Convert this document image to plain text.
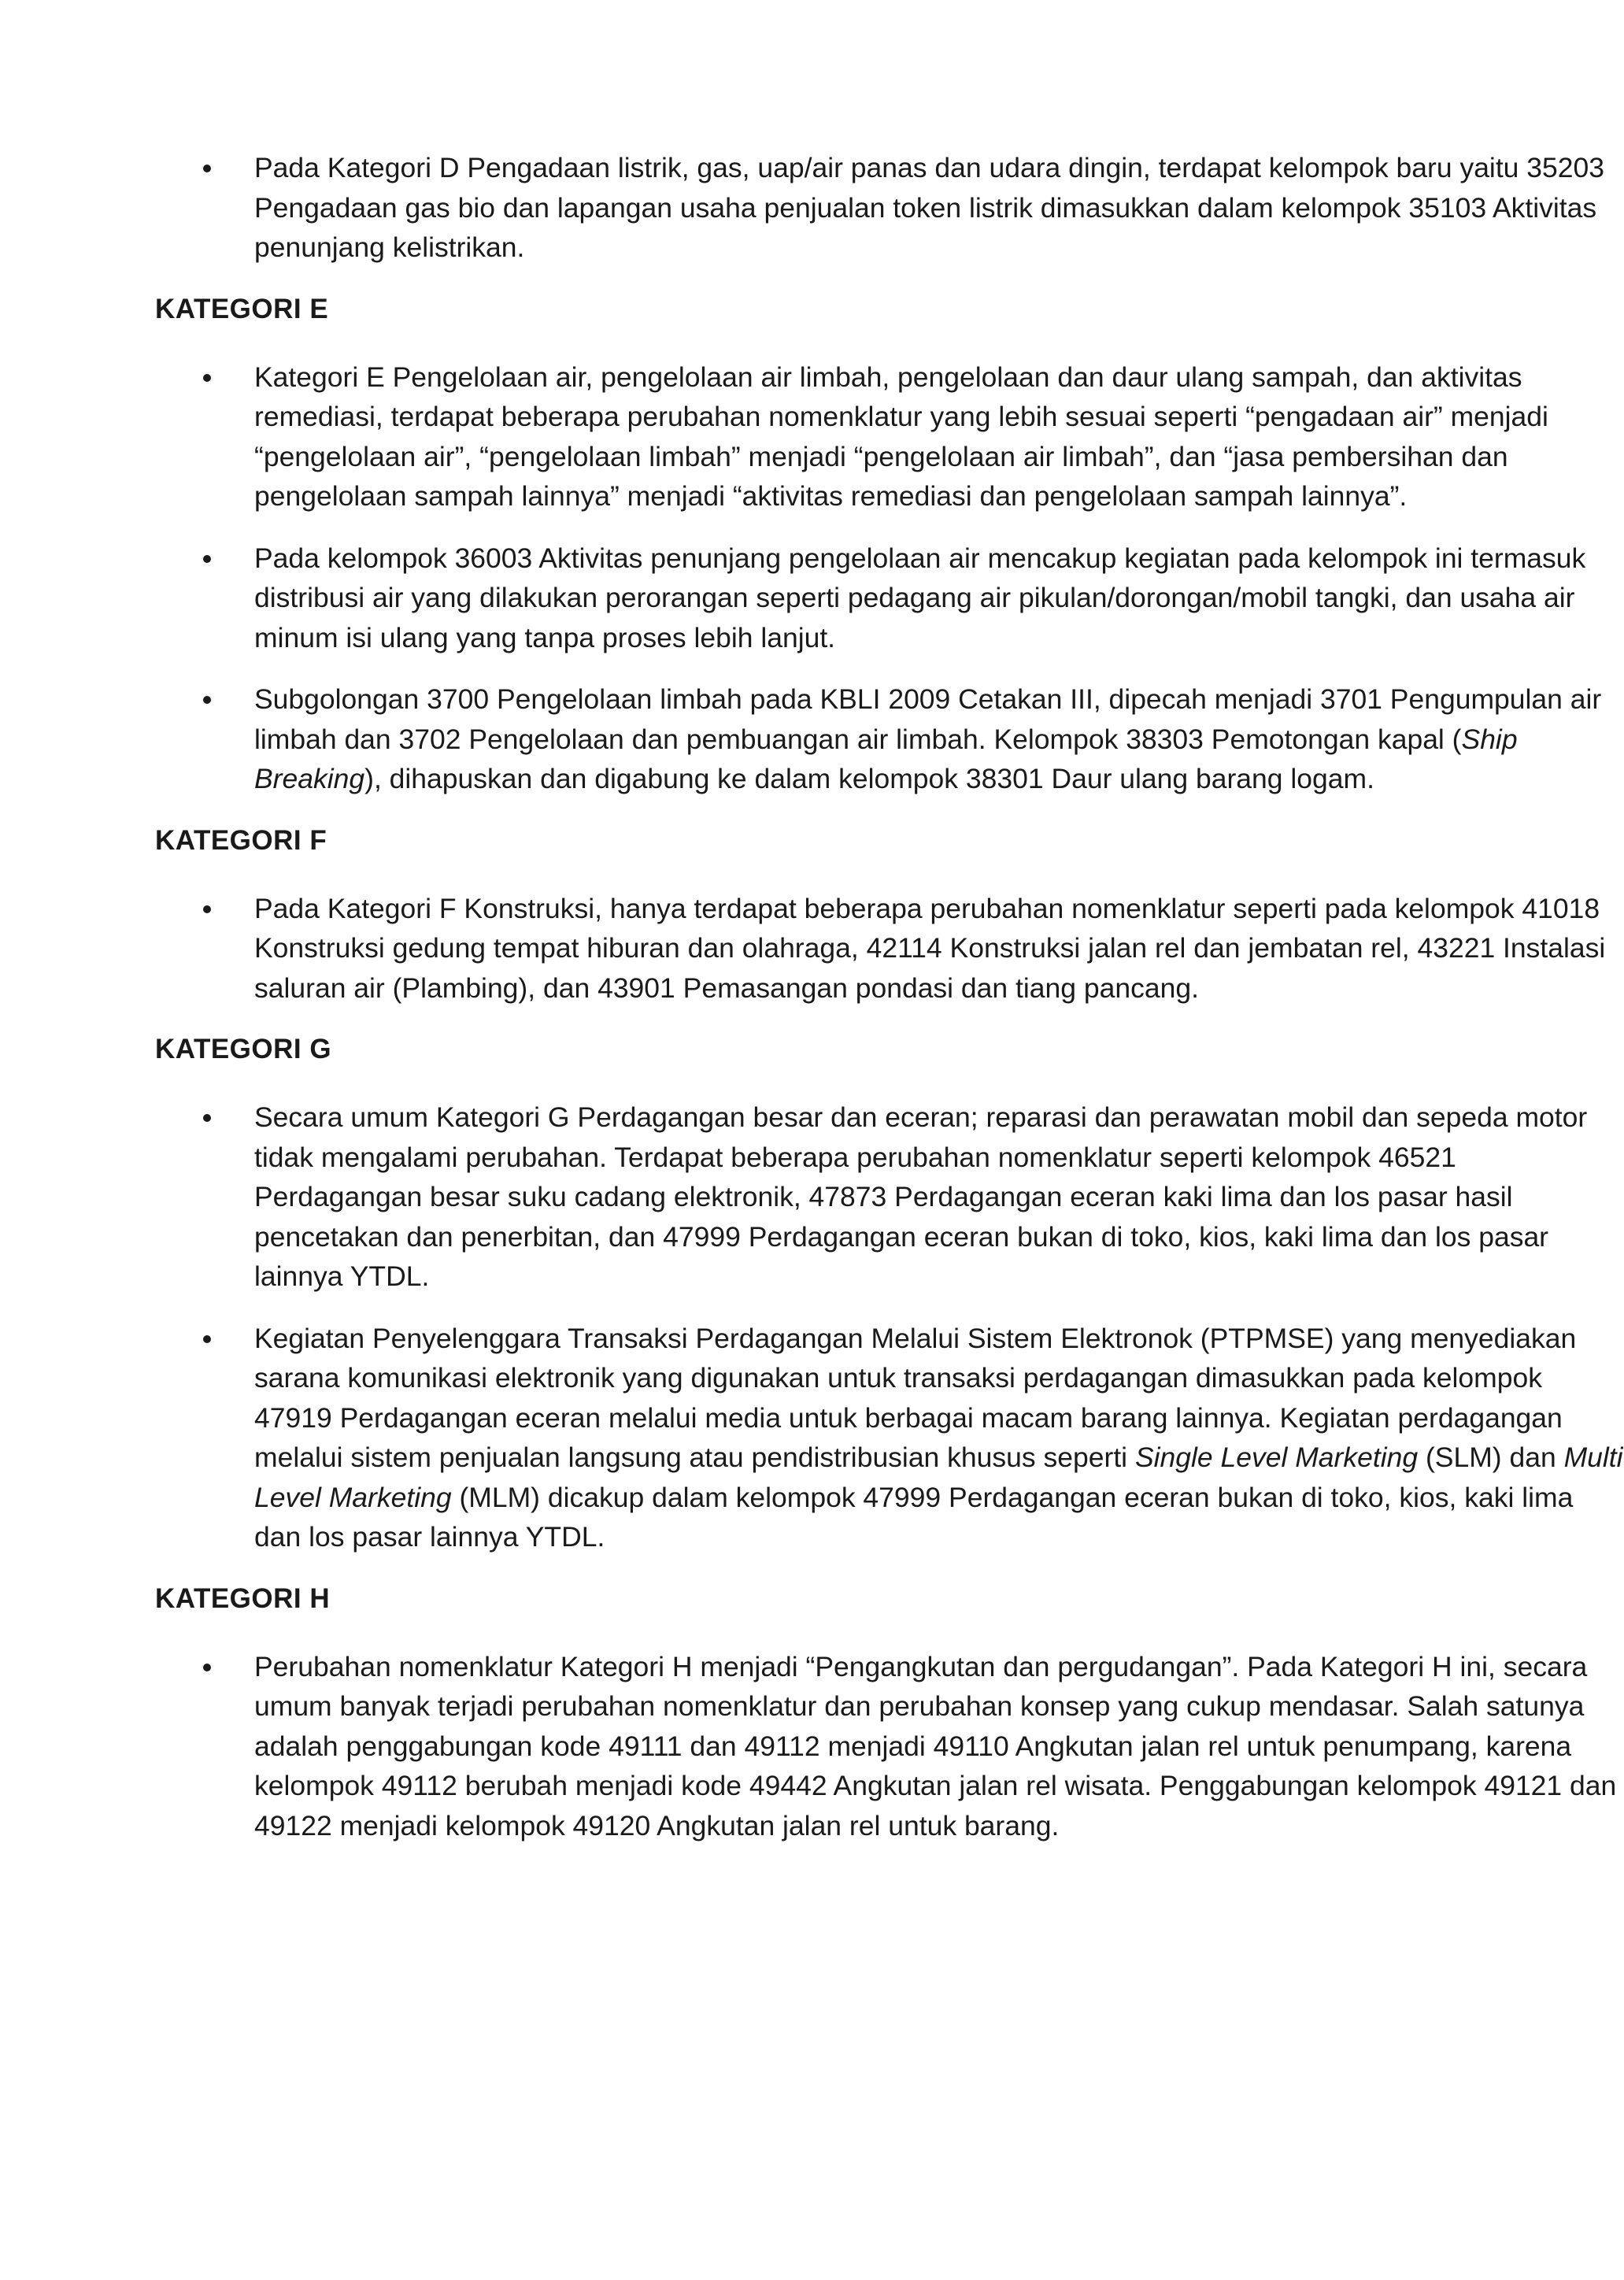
Pada Kategori D Pengadaan listrik, gas, uap/air panas dan udara dingin, terdapat kelompok baru yaitu 35203 Pengadaan gas bio dan lapangan usaha penjualan token listrik dimasukkan dalam kelompok 35103 Aktivitas penunjang kelistrikan.
KATEGORI E
Kategori E Pengelolaan air, pengelolaan air limbah, pengelolaan dan daur ulang sampah, dan aktivitas remediasi, terdapat beberapa perubahan nomenklatur yang lebih sesuai seperti “pengadaan air” menjadi “pengelolaan air”, “pengelolaan limbah” menjadi “pengelolaan air limbah”, dan “jasa pembersihan dan pengelolaan sampah lainnya” menjadi “aktivitas remediasi dan pengelolaan sampah lainnya”.
Pada kelompok 36003 Aktivitas penunjang pengelolaan air mencakup kegiatan pada kelompok ini termasuk distribusi air yang dilakukan perorangan seperti pedagang air pikulan/dorongan/mobil tangki, dan usaha air minum isi ulang yang tanpa proses lebih lanjut.
Subgolongan 3700 Pengelolaan limbah pada KBLI 2009 Cetakan III, dipecah menjadi 3701 Pengumpulan air limbah dan 3702 Pengelolaan dan pembuangan air limbah. Kelompok 38303 Pemotongan kapal (Ship Breaking), dihapuskan dan digabung ke dalam kelompok 38301 Daur ulang barang logam.
KATEGORI F
Pada Kategori F Konstruksi, hanya terdapat beberapa perubahan nomenklatur seperti pada kelompok 41018 Konstruksi gedung tempat hiburan dan olahraga, 42114 Konstruksi jalan rel dan jembatan rel, 43221 Instalasi saluran air (Plambing), dan 43901 Pemasangan pondasi dan tiang pancang.
KATEGORI G
Secara umum Kategori G Perdagangan besar dan eceran; reparasi dan perawatan mobil dan sepeda motor tidak mengalami perubahan. Terdapat beberapa perubahan nomenklatur seperti kelompok 46521 Perdagangan besar suku cadang elektronik, 47873 Perdagangan eceran kaki lima dan los pasar hasil pencetakan dan penerbitan, dan 47999 Perdagangan eceran bukan di toko, kios, kaki lima dan los pasar lainnya YTDL.
Kegiatan Penyelenggara Transaksi Perdagangan Melalui Sistem Elektronok (PTPMSE) yang menyediakan sarana komunikasi elektronik yang digunakan untuk transaksi perdagangan dimasukkan pada kelompok 47919 Perdagangan eceran melalui media untuk berbagai macam barang lainnya. Kegiatan perdagangan melalui sistem penjualan langsung atau pendistribusian khusus seperti Single Level Marketing (SLM) dan Multi Level Marketing (MLM) dicakup dalam kelompok 47999 Perdagangan eceran bukan di toko, kios, kaki lima dan los pasar lainnya YTDL.
KATEGORI H
Perubahan nomenklatur Kategori H menjadi “Pengangkutan dan pergudangan”. Pada Kategori H ini, secara umum banyak terjadi perubahan nomenklatur dan perubahan konsep yang cukup mendasar. Salah satunya adalah penggabungan kode 49111 dan 49112 menjadi 49110 Angkutan jalan rel untuk penumpang, karena kelompok 49112 berubah menjadi kode 49442 Angkutan jalan rel wisata. Penggabungan kelompok 49121 dan 49122 menjadi kelompok 49120 Angkutan jalan rel untuk barang.
